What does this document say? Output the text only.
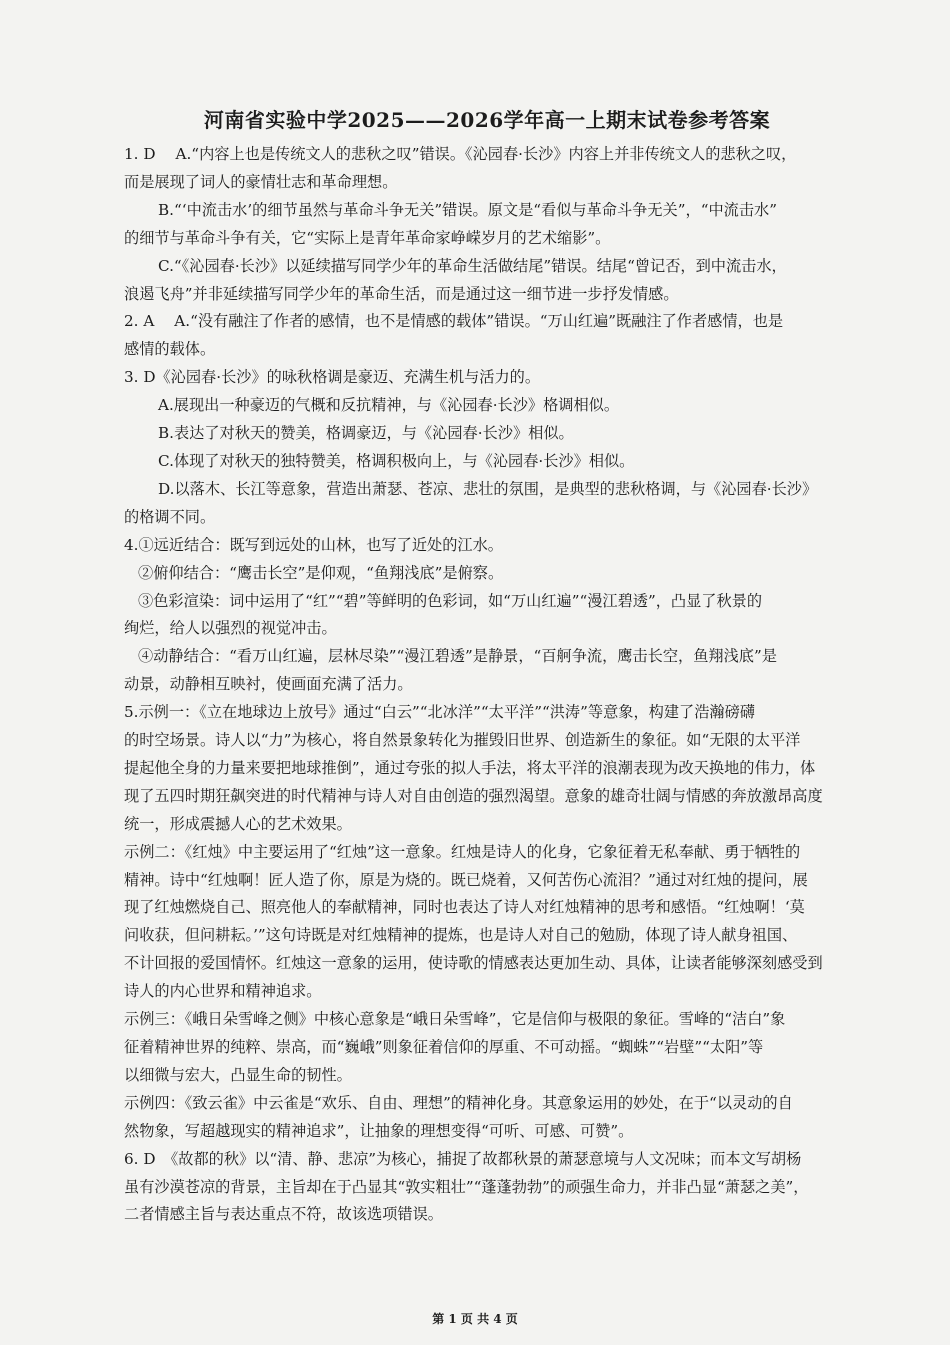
河南省实验中学2025——2026学年高一上期末试卷参考答案
1. D　 A.“内容上也是传统文人的悲秋之叹”错误。《沁园春·长沙》内容上并非传统文人的悲秋之叹，
而是展现了词人的豪情壮志和革命理想。
B.“‘中流击水’的细节虽然与革命斗争无关”错误。原文是“看似与革命斗争无关”，“中流击水”
的细节与革命斗争有关，它“实际上是青年革命家峥嵘岁月的艺术缩影”。
C.“《沁园春·长沙》以延续描写同学少年的革命生活做结尾”错误。结尾“曾记否，到中流击水，
浪遏飞舟”并非延续描写同学少年的革命生活，而是通过这一细节进一步抒发情感。
2. A　 A.“没有融注了作者的感情，也不是情感的载体”错误。“万山红遍”既融注了作者感情，也是
感情的载体。
3. D《沁园春·长沙》的咏秋格调是豪迈、充满生机与活力的。
A.展现出一种豪迈的气概和反抗精神，与《沁园春·长沙》格调相似。
B.表达了对秋天的赞美，格调豪迈，与《沁园春·长沙》相似。
C.体现了对秋天的独特赞美，格调积极向上，与《沁园春·长沙》相似。
D.以落木、长江等意象，营造出萧瑟、苍凉、悲壮的氛围，是典型的悲秋格调，与《沁园春·长沙》
的格调不同。
4.①远近结合：既写到远处的山林，也写了近处的江水。
②俯仰结合：“鹰击长空”是仰观，“鱼翔浅底”是俯察。
③色彩渲染：词中运用了“红”“碧”等鲜明的色彩词，如“万山红遍”“漫江碧透”，凸显了秋景的
绚烂，给人以强烈的视觉冲击。
④动静结合：“看万山红遍，层林尽染”“漫江碧透”是静景，“百舸争流，鹰击长空，鱼翔浅底”是
动景，动静相互映衬，使画面充满了活力。
5.示例一：《立在地球边上放号》通过“白云”“北冰洋”“太平洋”“洪涛”等意象，构建了浩瀚磅礴
的时空场景。诗人以“力”为核心，将自然景象转化为摧毁旧世界、创造新生的象征。如“无限的太平洋
提起他全身的力量来要把地球推倒”，通过夸张的拟人手法，将太平洋的浪潮表现为改天换地的伟力，体
现了五四时期狂飙突进的时代精神与诗人对自由创造的强烈渴望。意象的雄奇壮阔与情感的奔放激昂高度
统一，形成震撼人心的艺术效果。
示例二：《红烛》中主要运用了“红烛”这一意象。红烛是诗人的化身，它象征着无私奉献、勇于牺牲的
精神。诗中“红烛啊！匠人造了你，原是为烧的。既已烧着，又何苦伤心流泪？”通过对红烛的提问，展
现了红烛燃烧自己、照亮他人的奉献精神，同时也表达了诗人对红烛精神的思考和感悟。“红烛啊！‘莫
问收获，但问耕耘。’”这句诗既是对红烛精神的提炼，也是诗人对自己的勉励，体现了诗人献身祖国、
不计回报的爱国情怀。红烛这一意象的运用，使诗歌的情感表达更加生动、具体，让读者能够深刻感受到
诗人的内心世界和精神追求。
示例三：《峨日朵雪峰之侧》中核心意象是“峨日朵雪峰”，它是信仰与极限的象征。雪峰的“洁白”象
征着精神世界的纯粹、崇高，而“巍峨”则象征着信仰的厚重、不可动摇。“蜘蛛”“岩壁”“太阳”等
以细微与宏大，凸显生命的韧性。
示例四：《致云雀》中云雀是“欢乐、自由、理想”的精神化身。其意象运用的妙处，在于“以灵动的自
然物象，写超越现实的精神追求”，让抽象的理想变得“可听、可感、可赞”。
6. D　《故都的秋》以“清、静、悲凉”为核心，捕捉了故都秋景的萧瑟意境与人文况味；而本文写胡杨
虽有沙漠苍凉的背景，主旨却在于凸显其“敦实粗壮”“蓬蓬勃勃”的顽强生命力，并非凸显“萧瑟之美”，
二者情感主旨与表达重点不符，故该选项错误。
第 1 页 共 4 页
